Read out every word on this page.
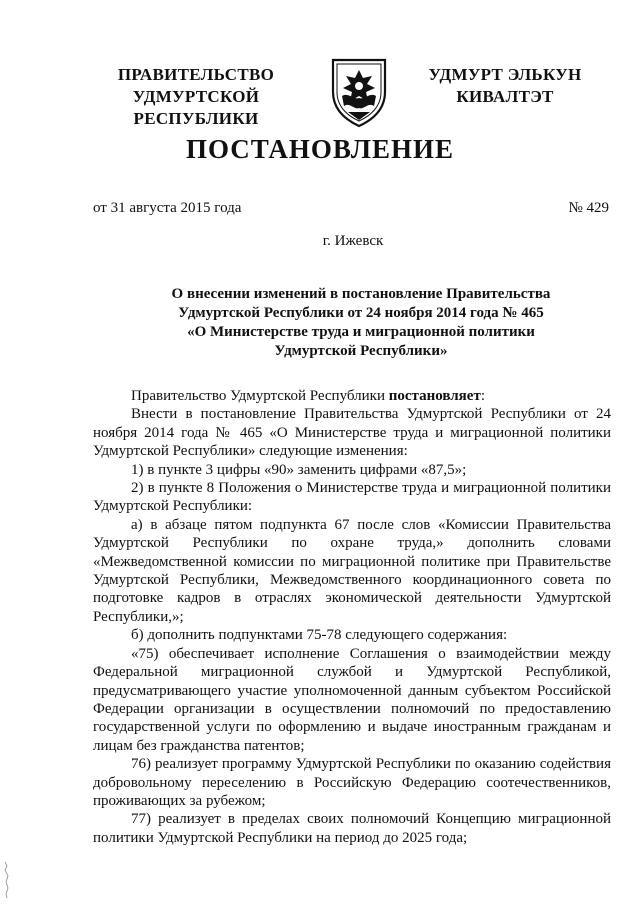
ПРАВИТЕЛЬСТВО
УДМУРТСКОЙ РЕСПУБЛИКИ
УДМУРТ ЭЛЬКУН
КИВАЛТЭТ
ПОСТАНОВЛЕНИЕ
от 31 августа 2015 года	№ 429
г. Ижевск
О внесении изменений в постановление Правительства
Удмуртской Республики от 24 ноября 2014 года № 465
«О Министерстве труда и миграционной политики
Удмуртской Республики»

Правительство Удмуртской Республики постановляет:

Внести в постановление Правительства Удмуртской Республики от 24 ноября 2014 года № 465 «О Министерстве труда и миграционной политики Удмуртской Республики» следующие изменения:

1) в пункте 3 цифры «90» заменить цифрами «87,5»;

2) в пункте 8 Положения о Министерстве труда и миграционной политики Удмуртской Республики:

а) в абзаце пятом подпункта 67 после слов «Комиссии Правительства Удмуртской Республики по охране труда,» дополнить словами «Межведомственной комиссии по миграционной политике при Правительстве Удмуртской Республики, Межведомственного координационного совета по подготовке кадров в отраслях экономической деятельности Удмуртской Республики,»;

б) дополнить подпунктами 75-78 следующего содержания:

«75) обеспечивает исполнение Соглашения о взаимодействии между Федеральной миграционной службой и Удмуртской Республикой, предусматривающего участие уполномоченной данным субъектом Российской Федерации организации в осуществлении полномочий по предоставлению государственной услуги по оформлению и выдаче иностранным гражданам и лицам без гражданства патентов;

76) реализует программу Удмуртской Республики по оказанию содействия добровольному переселению в Российскую Федерацию соотечественников, проживающих за рубежом;

77) реализует в пределах своих полномочий Концепцию миграционной политики Удмуртской Республики на период до 2025 года;
